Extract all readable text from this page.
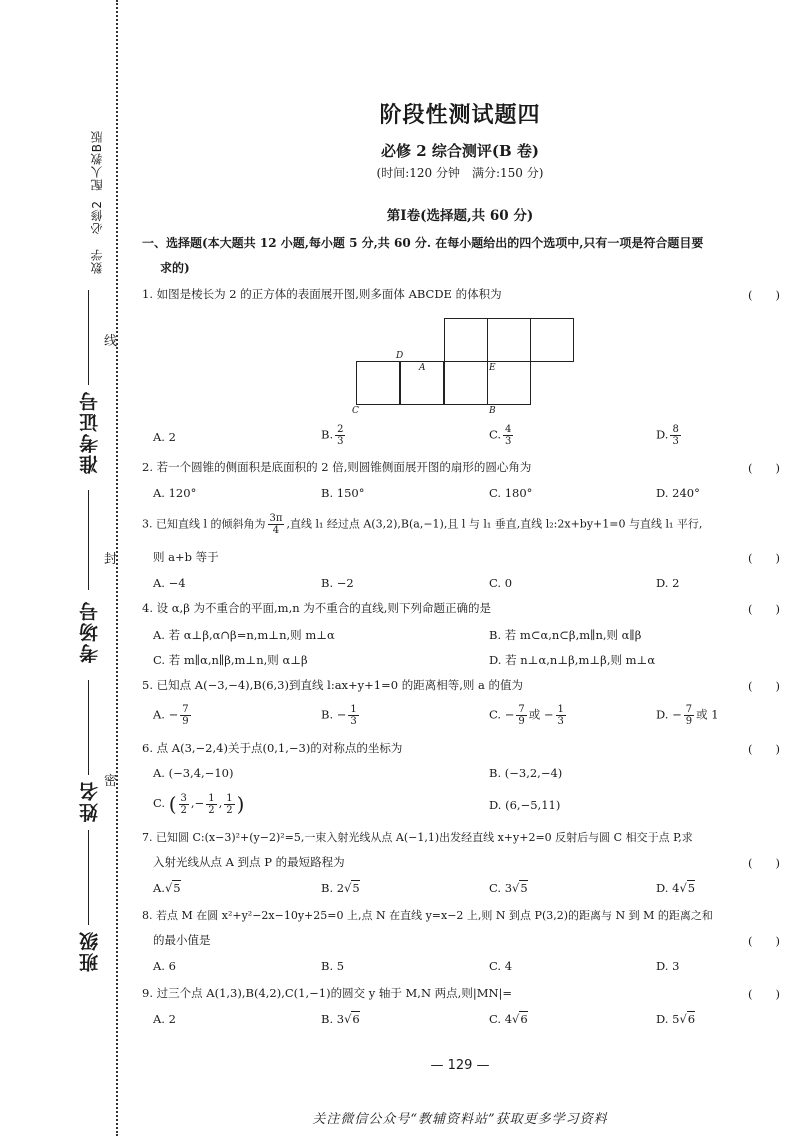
数学
必修2
配人教B版
班级
姓名
考场号
准考证号
密
封
线
阶段性测试题四
必修 2 综合测评(B 卷)
(时间:120 分钟　满分:150 分)
第Ⅰ卷(选择题,共 60 分)
一、选择题(本大题共 12 小题,每小题 5 分,共 60 分. 在每小题给出的四个选项中,只有一项是符合题目要
求的)
1. 如图是棱长为 2 的正方体的表面展开图,则多面体 ABCDE 的体积为	(　　)
D
A	E
C	B
A. 2	B. $\frac{2}{3}$	C. $\frac{4}{3}$	D. $\frac{8}{3}$
2. 若一个圆锥的侧面积是底面积的 2 倍,则圆锥侧面展开图的扇形的圆心角为	(　　)
A. 120°	B. 150°	C. 180°	D. 240°
3. 已知直线 l 的倾斜角为 $\frac{3\pi}{4}$ ,直线 l₁ 经过点 A(3,2),B(a,−1),且 l 与 l₁ 垂直,直线 l₂:2x+by+1=0 与直线 l₁ 平行,
则 a+b 等于	(　　)
A. −4	B. −2	C. 0	D. 2
4. 设 α,β 为不重合的平面,m,n 为不重合的直线,则下列命题正确的是	(　　)
A. 若 α⊥β,α∩β=n,m⊥n,则 m⊥α	B. 若 m⊂α,n⊂β,m∥n,则 α∥β
C. 若 m∥α,n∥β,m⊥n,则 α⊥β	D. 若 n⊥α,n⊥β,m⊥β,则 m⊥α
5. 已知点 A(−3,−4),B(6,3)到直线 l:ax+y+1=0 的距离相等,则 a 的值为	(　　)
A. − $\frac{7}{9}$	B. − $\frac{1}{3}$	C. − $\frac{7}{9}$ 或 − $\frac{1}{3}$	D. − $\frac{7}{9}$ 或 1
6. 点 A(3,−2,4)关于点(0,1,−3)的对称点的坐标为	(　　)
A. (−3,4,−10)	B. (−3,2,−4)
C. ( $\frac{3}{2}$ ,− $\frac{1}{2}$ , $\frac{1}{2}$ )	D. (6,−5,11)
7. 已知圆 C:(x−3)²+(y−2)²=5,一束入射光线从点 A(−1,1)出发经直线 x+y+2=0 反射后与圆 C 相交于点 P,求
入射光线从点 A 到点 P 的最短路程为	(　　)
A.√5	B. 2√5	C. 3√5	D. 4√5
8. 若点 M 在圆 x²+y²−2x−10y+25=0 上,点 N 在直线 y=x−2 上,则 N 到点 P(3,2)的距离与 N 到 M 的距离之和
的最小值是	(　　)
A. 6	B. 5	C. 4	D. 3
9. 过三个点 A(1,3),B(4,2),C(1,−1)的圆交 y 轴于 M,N 两点,则|MN|=	(　　)
A. 2	B. 3√6	C. 4√6	D. 5√6
— 129 —
关注微信公众号“教辅资料站”获取更多学习资料
